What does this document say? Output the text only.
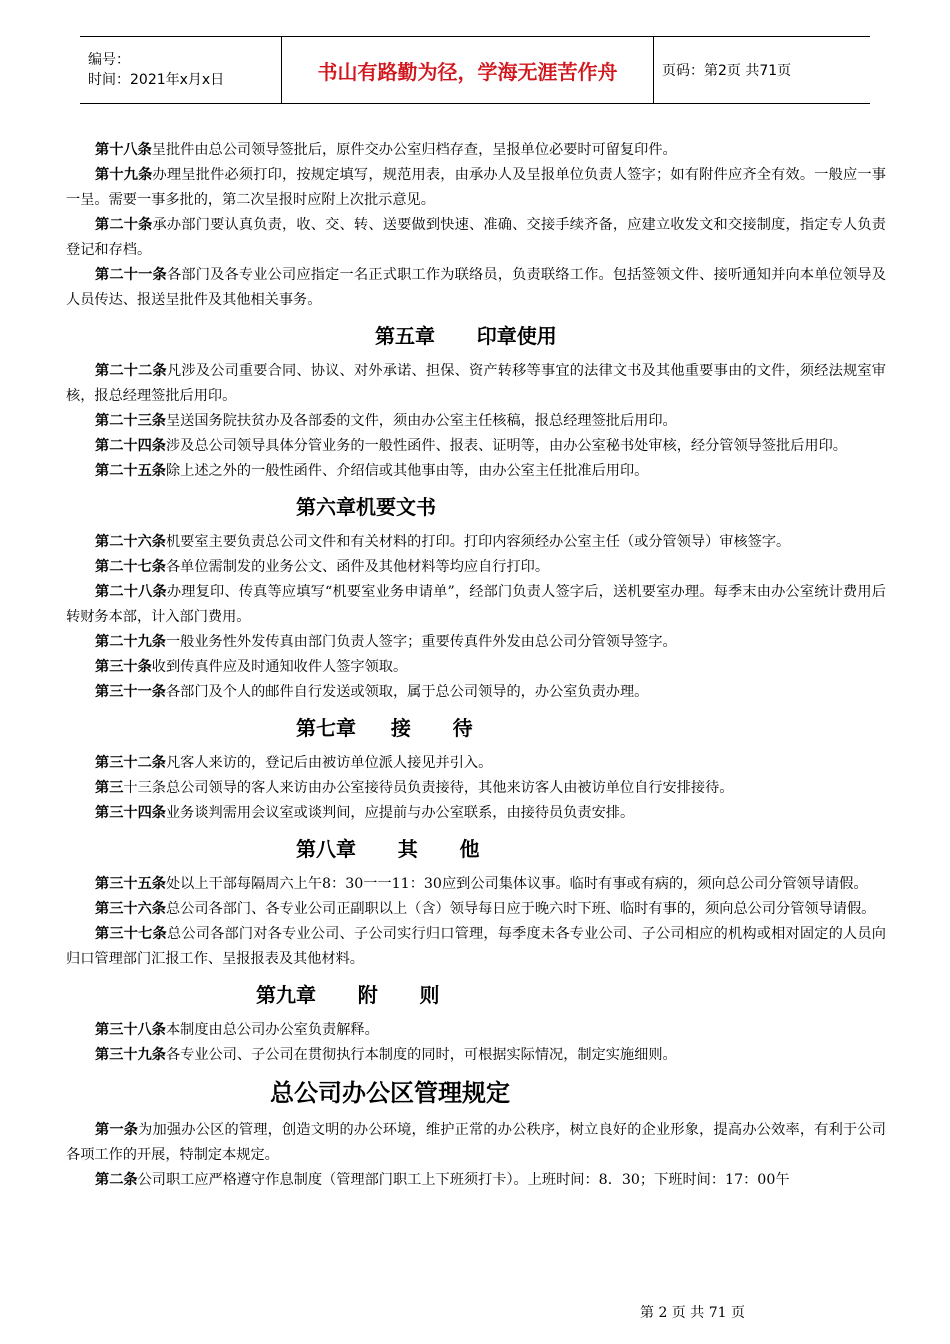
编号：
时间：2021年x月x日	书山有路勤为径，学海无涯苦作舟	页码：第2页 共71页

第十八条呈批件由总公司领导签批后，原件交办公室归档存查，呈报单位必要时可留复印件。

第十九条办理呈批件必须打印，按规定填写，规范用表，由承办人及呈报单位负责人签字；如有附件应齐全有效。一般应一事一呈。需要一事多批的，第二次呈报时应附上次批示意见。

第二十条承办部门要认真负责，收、交、转、送要做到快速、准确、交接手续齐备，应建立收发文和交接制度，指定专人负责登记和存档。

第二十一条各部门及各专业公司应指定一名正式职工作为联络员，负责联络工作。包括签领文件、接听通知并向本单位领导及人员传达、报送呈批件及其他相关事务。

第五章      印章使用

第二十二条凡涉及公司重要合同、协议、对外承诺、担保、资产转移等事宜的法律文书及其他重要事由的文件，须经法规室审核，报总经理签批后用印。

第二十三条呈送国务院扶贫办及各部委的文件，须由办公室主任核稿，报总经理签批后用印。

第二十四条涉及总公司领导具体分管业务的一般性函件、报表、证明等，由办公室秘书处审核，经分管领导签批后用印。

第二十五条除上述之外的一般性函件、介绍信或其他事由等，由办公室主任批准后用印。

第六章机要文书

第二十六条机要室主要负责总公司文件和有关材料的打印。打印内容须经办公室主任（或分管领导）审核签字。

第二十七条各单位需制发的业务公文、函件及其他材料等均应自行打印。

第二十八条办理复印、传真等应填写“机要室业务申请单”，经部门负责人签字后，送机要室办理。每季末由办公室统计费用后转财务本部，计入部门费用。

第二十九条一般业务性外发传真由部门负责人签字；重要传真件外发由总公司分管领导签字。

第三十条收到传真件应及时通知收件人签字领取。

第三十一条各部门及个人的邮件自行发送或领取，属于总公司领导的，办公室负责办理。

第七章     接      待

第三十二条凡客人来访的，登记后由被访单位派人接见并引入。

第三十三条总公司领导的客人来访由办公室接待员负责接待，其他来访客人由被访单位自行安排接待。

第三十四条业务谈判需用会议室或谈判间，应提前与办公室联系，由接待员负责安排。

第八章      其      他

第三十五条处以上干部每隔周六上午8：30一一11：30应到公司集体议事。临时有事或有病的，须向总公司分管领导请假。

第三十六条总公司各部门、各专业公司正副职以上（含）领导每日应于晚六时下班、临时有事的，须向总公司分管领导请假。

第三十七条总公司各部门对各专业公司、子公司实行归口管理，每季度未各专业公司、子公司相应的机构或相对固定的人员向归口管理部门汇报工作、呈报报表及其他材料。

第九章      附      则

第三十八条本制度由总公司办公室负责解释。

第三十九条各专业公司、子公司在贯彻执行本制度的同时，可根据实际情况，制定实施细则。

总公司办公区管理规定

第一条为加强办公区的管理，创造文明的办公环境，维护正常的办公秩序，树立良好的企业形象，提高办公效率，有利于公司各项工作的开展，特制定本规定。

第二条公司职工应严格遵守作息制度（管理部门职工上下班须打卡）。上班时间：8．30；下班时间：17：00午

第 2 页 共 71 页
